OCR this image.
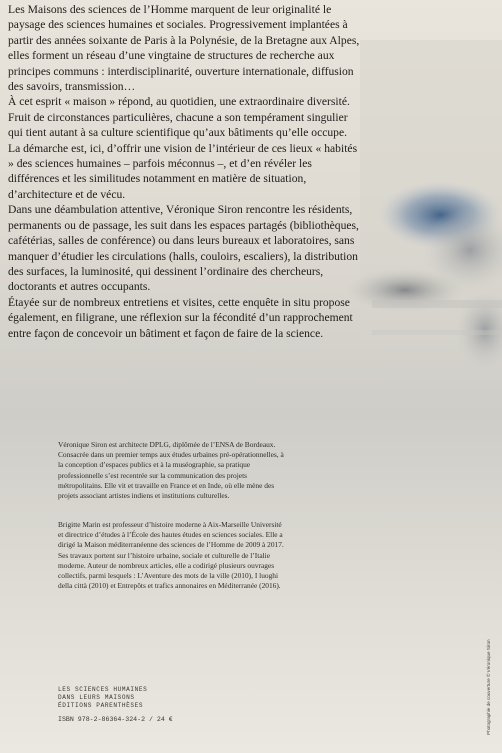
Les Maisons des sciences de l’Homme marquent de leur originalité le paysage des sciences humaines et sociales. Progressivement implantées à partir des années soixante de Paris à la Polynésie, de la Bretagne aux Alpes, elles forment un réseau d’une vingtaine de structures de recherche aux principes communs : interdisciplinarité, ouverture internationale, diffusion des savoirs, transmission…

À cet esprit « maison » répond, au quotidien, une extraordinaire diversité. Fruit de circonstances particulières, chacune a son tempérament singulier qui tient autant à sa culture scientifique qu’aux bâtiments qu’elle occupe.

La démarche est, ici, d’offrir une vision de l’intérieur de ces lieux « habités » des sciences humaines – parfois méconnus –, et d’en révéler les différences et les similitudes notamment en matière de situation, d’architecture et de vécu.

Dans une déambulation attentive, Véronique Siron rencontre les résidents, permanents ou de passage, les suit dans les espaces partagés (bibliothèques, cafétérias, salles de conférence) ou dans leurs bureaux et laboratoires, sans manquer d’étudier les circulations (halls, couloirs, escaliers), la distribution des surfaces, la luminosité, qui dessinent l’ordinaire des chercheurs, doctorants et autres occupants.

Étayée sur de nombreux entretiens et visites, cette enquête in situ propose également, en filigrane, une réflexion sur la fécondité d’un rapprochement entre façon de concevoir un bâtiment et façon de faire de la science.

Véronique Siron est architecte DPLG, diplômée de l’ENSA de Bordeaux. Consacrée dans un premier temps aux études urbaines pré-opérationnelles, à la conception d’espaces publics et à la muséographie, sa pratique professionnelle s’est recentrée sur la communication des projets métropolitains. Elle vit et travaille en France et en Inde, où elle mène des projets associant artistes indiens et institutions culturelles.

Brigitte Marin est professeur d’histoire moderne à Aix-Marseille Université et directrice d’études à l’École des hautes études en sciences sociales. Elle a dirigé la Maison méditerranéenne des sciences de l’Homme de 2009 à 2017. Ses travaux portent sur l’histoire urbaine, sociale et culturelle de l’Italie moderne. Auteur de nombreux articles, elle a codirigé plusieurs ouvrages collectifs, parmi lesquels : L’Aventure des mots de la ville (2010), I luoghi della città (2010) et Entrepôts et trafics annonaires en Méditerranée (2016).

LES SCIENCES HUMAINES
DANS LEURS MAISONS
ÉDITIONS PARENTHÈSES
ISBN 978-2-86364-324-2 / 24 €	Photographie de couverture © Véronique Siron
